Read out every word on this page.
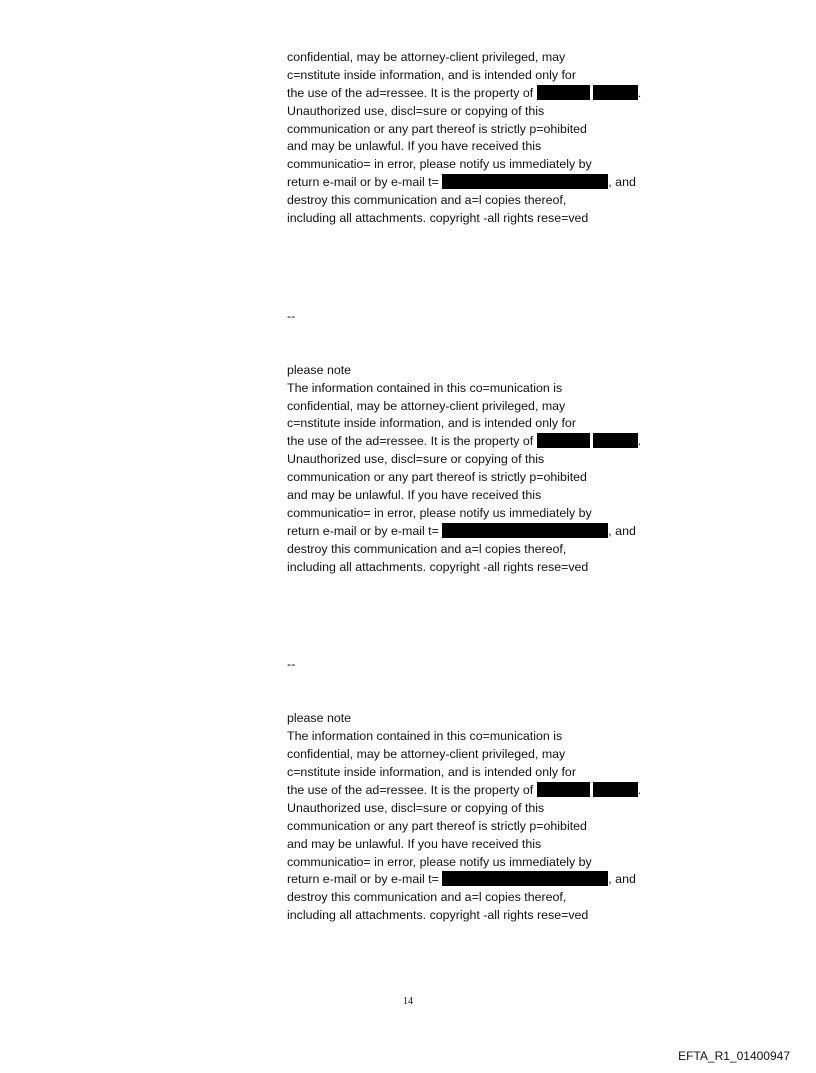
confidential, may be attorney-client privileged, may
c=nstitute inside information, and is intended only for
the use of the ad=ressee. It is the property of	.
Unauthorized use, discl=sure or copying of this
communication or any part thereof is strictly p=ohibited
and may be unlawful. If you have received this
communicatio= in error, please notify us immediately by
return e-mail or by e-mail t=	, and
destroy this communication and a=l copies thereof,
including all attachments. copyright -all rights rese=ved
--
please note
The information contained in this co=munication is
confidential, may be attorney-client privileged, may
c=nstitute inside information, and is intended only for
the use of the ad=ressee. It is the property of	.
Unauthorized use, discl=sure or copying of this
communication or any part thereof is strictly p=ohibited
and may be unlawful. If you have received this
communicatio= in error, please notify us immediately by
return e-mail or by e-mail t=	, and
destroy this communication and a=l copies thereof,
including all attachments. copyright -all rights rese=ved
--
please note
The information contained in this co=munication is
confidential, may be attorney-client privileged, may
c=nstitute inside information, and is intended only for
the use of the ad=ressee. It is the property of	.
Unauthorized use, discl=sure or copying of this
communication or any part thereof is strictly p=ohibited
and may be unlawful. If you have received this
communicatio= in error, please notify us immediately by
return e-mail or by e-mail t=	, and
destroy this communication and a=l copies thereof,
including all attachments. copyright -all rights rese=ved
14
EFTA_R1_01400947
